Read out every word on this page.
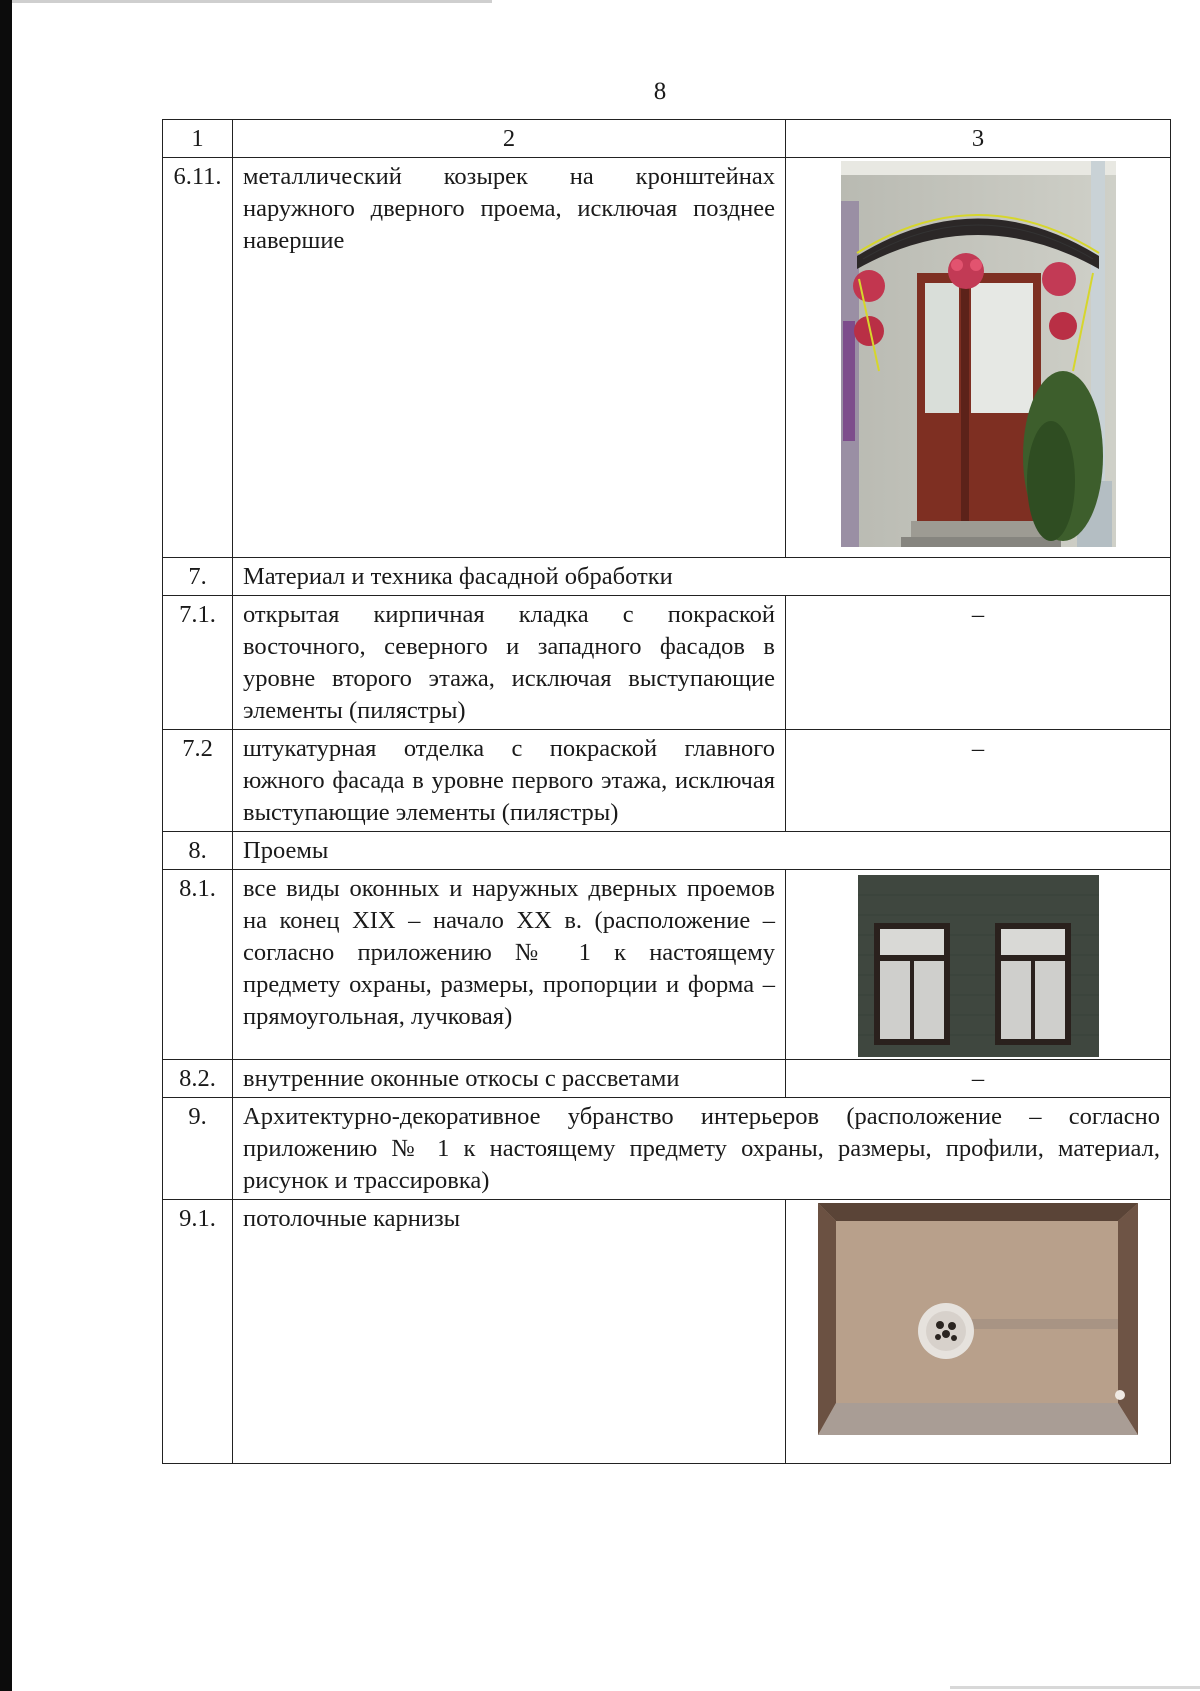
8
1	2	3
6.11.	металлический козырек на кронштейнах наружного дверного проема, исключая позднее навершие	

7.	Материал и техника фасадной обработки	
7.1.	открытая кирпичная кладка с покраской восточного, северного и западного фасадов в уровне второго этажа, исключая выступающие элементы (пилястры)	–
7.2	штукатурная отделка с покраской главного южного фасада в уровне первого этажа, исключая выступающие элементы (пилястры)	–
8.	Проемы	
8.1.	все виды оконных и наружных дверных проемов на конец XIX – начало XX в. (расположение – согласно приложению № 1 к настоящему предмету охраны, размеры, пропорции и форма – прямоугольная, лучковая)	

8.2.	внутренние оконные откосы с рассветами	–
9.	Архитектурно-декоративное убранство интерьеров (расположение – согласно приложению № 1 к настоящему предмету охраны, размеры, профили, материал, рисунок и трассировка)	
9.1.	потолочные карнизы	
